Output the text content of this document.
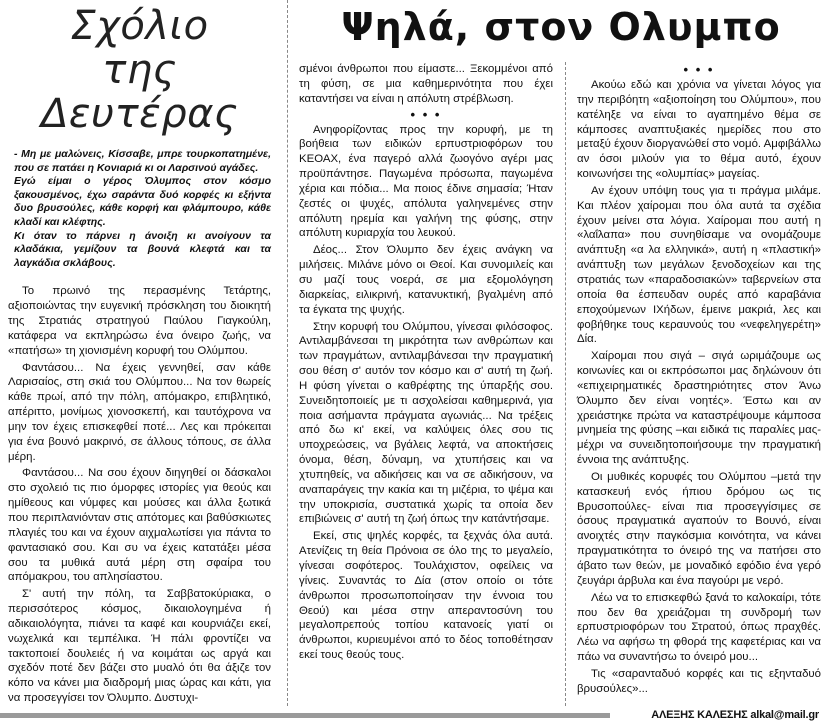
Σχόλιο
της Δευτέρας

- Μη με μαλώνεις, Κίσσαβε, μπρε τουρκοπατημένε, που σε πατάει η Κονιαριά κι οι Λαρσινού αγάδες.

Εγώ είμαι ο γέρος Όλυμπος στον κόσμο ξακουσμένος, έχω σαράντα δυό κορφές κι εξήντα δυο βρυσούλες, κάθε κορφή και φλάμπουρο, κάθε κλαδί και κλέφτης.

Κι όταν το πάρνει η άνοιξη κι ανοίγουν τα κλαδάκια, γεμίζουν τα βουνά κλεφτά και τα λαγκάδια σκλάβους.

Το πρωινό της περασμένης Τετάρτης, αξιοποιώντας την ευγενική πρόσκληση του διοικητή της Στρατιάς στρατηγού Παύλου Γιαγκούλη, κατάφερα να εκπληρώσω ένα όνειρο ζωής, να «πατήσω» τη χιονισμένη κορυφή του Ολύμπου.

Φαντάσου... Να έχεις γεννηθεί, σαν κάθε Λαρισαίος, στη σκιά του Ολύμπου... Να τον θωρείς κάθε πρωί, από την πόλη, απόμακρο, επιβλητικό, απέριττο, μονίμως χιονοσκεπή, και ταυτόχρονα να μην τον έχεις επισκεφθεί ποτέ... Λες και πρόκειται για ένα βουνό μακρινό, σε άλλους τόπους, σε άλλα μέρη.

Φαντάσου... Να σου έχουν διηγηθεί οι δάσκαλοι στο σχολειό τις πιο όμορφες ιστορίες για θεούς και ημίθεους και νύμφες και μούσες και άλλα ξωτικά που περιπλανιόνταν στις απότομες και βαθύσκιωτες πλαγιές του και να έχουν αιχμαλωτίσει για πάντα το φαντασιακό σου. Και συ να έχεις κατατάξει μέσα σου τα μυθικά αυτά μέρη στη σφαίρα του απόμακρου, του απλησίαστου.

Σ' αυτή την πόλη, τα Σαββατοκύριακα, ο περισσότερος κόσμος, δικαιολογημένα ή αδικαιολόγητα, πιάνει τα καφέ και κουρνιάζει εκεί, νωχελικά και τεμπέλικα. Ή πάλι φροντίζει να τακτοποιεί δουλειές ή να κοιμάται ως αργά και σχεδόν ποτέ δεν βάζει στο μυαλό ότι θα άξιζε τον κόπο να κάνει μια διαδρομή μιας ώρας και κάτι, για να προσεγγίσει τον Όλυμπο. Δυστυχι-

Ψηλά, στον Ολυμπο

σμένοι άνθρωποι που είμαστε... Ξεκομμένοι από τη φύση, σε μια καθημερινότητα που έχει καταντήσει να είναι η απόλυτη στρέβλωση.

• • •

Ανηφορίζοντας προς την κορυφή, με τη βοήθεια των ειδικών ερπυστριοφόρων του ΚΕΟΑΧ, ένα παγερό αλλά ζωογόνο αγέρι μας προϋπάντησε. Παγωμένα πρόσωπα, παγωμένα χέρια και πόδια... Μα ποιος έδινε σημασία; Ήταν ζεστές οι ψυχές, απόλυτα γαληνεμένες στην απόλυτη ηρεμία και γαλήνη της φύσης, στην απόλυτη κυριαρχία του λευκού.

Δέος... Στον Όλυμπο δεν έχεις ανάγκη να μιλήσεις. Μιλάνε μόνο οι Θεοί. Και συνομιλείς και συ μαζί τους νοερά, σε μια εξομολόγηση διαρκείας, ειλικρινή, κατανυκτική, βγαλμένη από τα έγκατα της ψυχής.

Στην κορυφή του Ολύμπου, γίνεσαι φιλόσοφος. Αντιλαμβάνεσαι τη μικρότητα των ανθρώπων και των πραγμάτων, αντιλαμβάνεσαι την πραγματική σου θέση σ' αυτόν τον κόσμο και σ' αυτή τη ζωή. Η φύση γίνεται ο καθρέφτης της ύπαρξής σου. Συνειδητοποιείς με τι ασχολείσαι καθημερινά, για ποια ασήμαντα πράγματα αγωνιάς... Να τρέξεις από δω κι' εκεί, να καλύψεις όλες σου τις υποχρεώσεις, να βγάλεις λεφτά, να αποκτήσεις όνομα, θέση, δύναμη, να χτυπήσεις και να χτυπηθείς, να αδικήσεις και να σε αδικήσουν, να αναπαράγεις την κακία και τη μιζέρια, το ψέμα και την υποκρισία, συστατικά χωρίς τα οποία δεν επιβιώνεις σ' αυτή τη ζωή όπως την κατάντήσαμε.

Εκεί, στις ψηλές κορφές, τα ξεχνάς όλα αυτά. Ατενίζεις τη θεία Πρόνοια σε όλο της το μεγαλείο, γίνεσαι σοφότερος. Τουλάχιστον, οφείλεις να γίνεις. Συναντάς το Δία (στον οποίο οι τότε άνθρωποι προσωποποίησαν την έννοια του Θεού) και μέσα στην απεραντοσύνη του μεγαλοπρεπούς τοπίου κατανοείς γιατί οι άνθρωποι, κυριευμένοι από το δέος τοποθέτησαν εκεί τους θεούς τους.

• • •

Ακούω εδώ και χρόνια να γίνεται λόγος για την περιβόητη «αξιοποίηση του Ολύμπου», που κατέληξε να είναι το αγαπημένο θέμα σε κάμποσες αναπτυξιακές ημερίδες που στο μεταξύ έχουν διοργανώθεί στο νομό. Αμφιβάλλω αν όσοι μιλούν για το θέμα αυτό, έχουν κοινωνήσει της «ολυμπίας» μαγείας.

Αν έχουν υπόψη τους για τι πράγμα μιλάμε. Και πλέον χαίρομαι που όλα αυτά τα σχέδια έχουν μείνει στα λόγια. Χαίρομαι που αυτή η «λαΐλαπα» που συνηθίσαμε να ονομάζουμε ανάπτυξη «α λα ελληνικά», αυτή η «πλαστική» ανάπτυξη των μεγάλων ξενοδοχείων και της στρατιάς των «παραδοσιακών» ταβερνείων στα οποία θα έσπευδαν ουρές από καραβάνια εποχούμενων ΙΧήδων, έμεινε μακριά, λες και φοβήθηκε τους κεραυνούς του «νεφεληγερέτη» Δία.

Χαίρομαι που σιγά – σιγά ωριμάζουμε ως κοινωνίες και οι εκπρόσωποι μας δηλώνουν ότι «επιχειρηματικές δραστηριότητες στον Άνω Όλυμπο δεν είναι νοητές». Έστω και αν χρειάστηκε πρώτα να καταστρέψουμε κάμποσα μνημεία της φύσης –και ειδικά τις παραλίες μας- μέχρι να συνειδητοποιήσουμε την πραγματική έννοια της ανάπτυξης.

Οι μυθικές κορυφές του Ολύμπου –μετά την κατασκευή ενός ήπιου δρόμου ως τις Βρυσοπούλες- είναι πια προσεγγίσιμες σε όσους πραγματικά αγαπούν το Βουνό, είναι ανοιχτές στην παγκόσμια κοινότητα, να κάνει πραγματικότητα το όνειρό της να πατήσει στο άβατο των θεών, με μοναδικό εφόδιο ένα γερό ζευγάρι άρβυλα και ένα παγούρι με νερό.

Λέω να το επισκεφθώ ξανά το καλοκαίρι, τότε που δεν θα χρειάζομαι τη συνδρομή των ερπυστριοφόρων του Στρατού, όπως πραχθές. Λέω να αφήσω τη φθορά της καφετέριας και να πάω να συναντήσω το όνειρό μου...

Τις «σαρανταδυό κορφές και τις εξηνταδυό βρυσούλες»...

ΑΛΕΞΗΣ ΚΑΛΕΣΗΣ alkal@mail.gr
